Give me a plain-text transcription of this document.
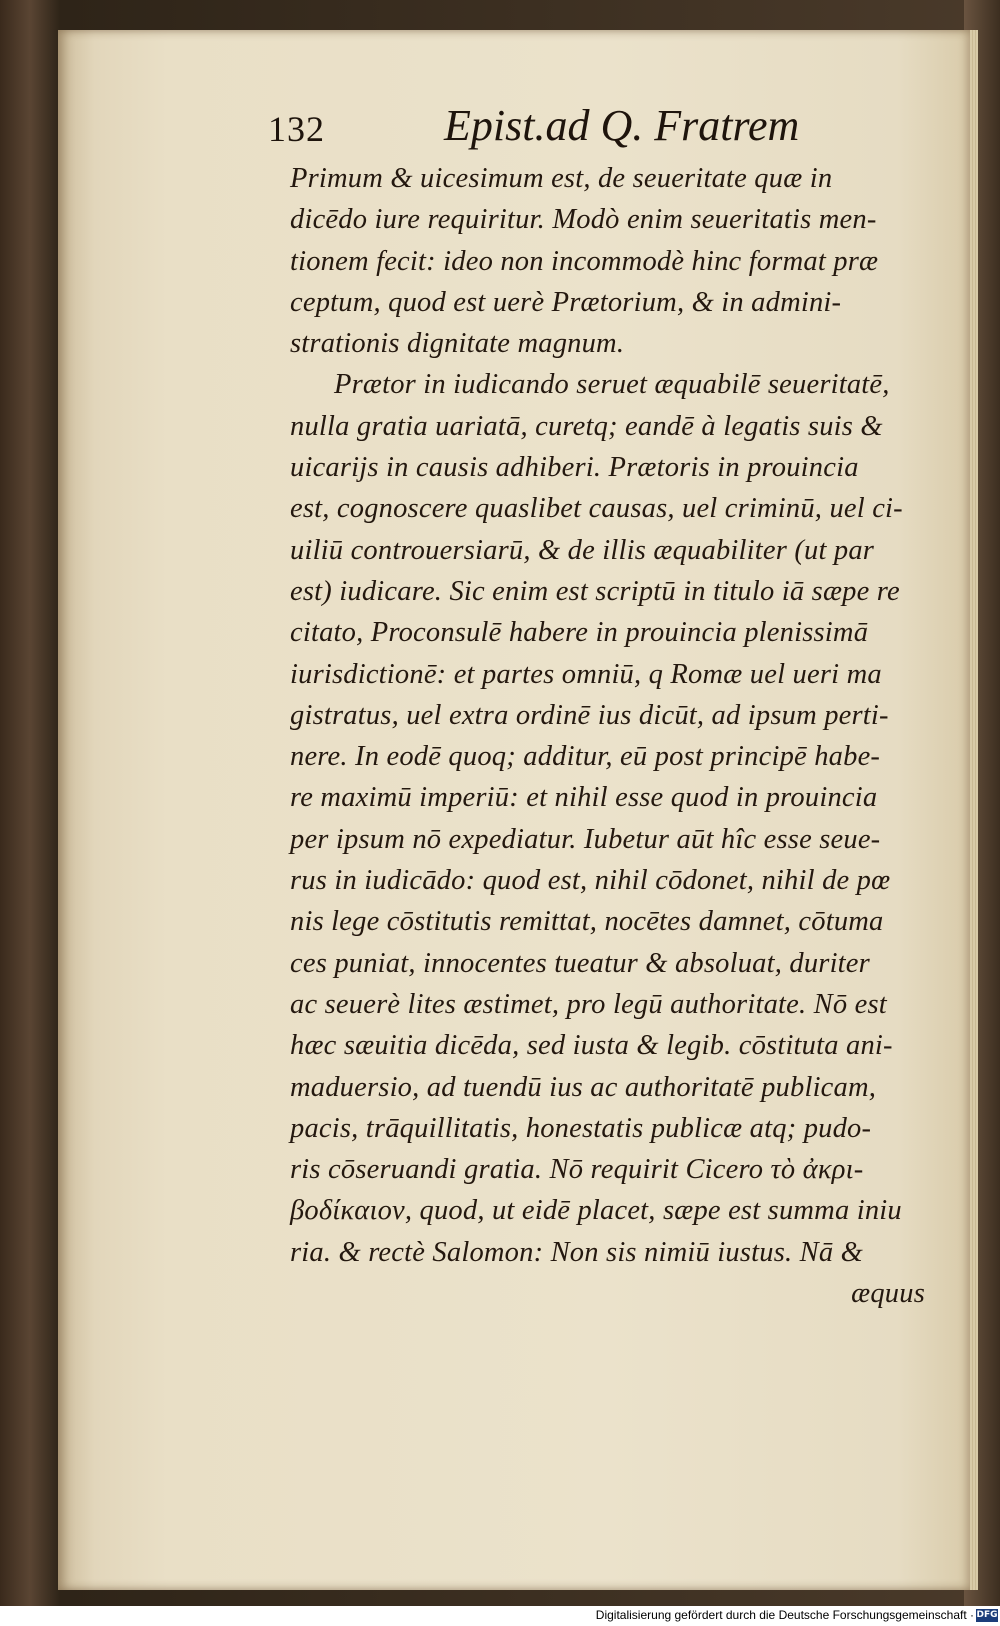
132	Epist.ad Q. Fratrem
Primum & uicesimum est, de seueritate quæ in
dicēdo iure requiritur. Modò enim seueritatis men-
tionem fecit: ideo non incommodè hinc format præ
ceptum, quod est uerè Prætorium, & in admini-
strationis dignitate magnum.
Prætor in iudicando seruet æquabilē seueritatē,
nulla gratia uariatā, curetq; eandē à legatis suis &
uicarijs in causis adhiberi. Prætoris in prouincia
est, cognoscere quaslibet causas, uel criminū, uel ci-
uiliū controuersiarū, & de illis æquabiliter (ut par
est) iudicare. Sic enim est scriptū in titulo iā sæpe re
citato, Proconsulē habere in prouincia plenissimā
iurisdictionē: et partes omniū, q Romæ uel ueri ma
gistratus, uel extra ordinē ius dicūt, ad ipsum perti-
nere. In eodē quoq; additur, eū post principē habe-
re maximū imperiū: et nihil esse quod in prouincia
per ipsum nō expediatur. Iubetur aūt hîc esse seue-
rus in iudicādo: quod est, nihil cōdonet, nihil de pœ
nis lege cōstitutis remittat, nocētes damnet, cōtuma
ces puniat, innocentes tueatur & absoluat, duriter
ac seuerè lites æstimet, pro legū authoritate. Nō est
hæc sæuitia dicēda, sed iusta & legib. cōstituta ani-
maduersio, ad tuendū ius ac authoritatē publicam,
pacis, trāquillitatis, honestatis publicæ atq; pudo-
ris cōseruandi gratia. Nō requirit Cicero τὸ ἀκρι-
βοδίκαιον, quod, ut eidē placet, sæpe est summa iniu
ria. & rectè Salomon: Non sis nimiū iustus. Nā &
æquus
Digitalisierung gefördert durch die Deutsche Forschungsgemeinschaft · DFG
